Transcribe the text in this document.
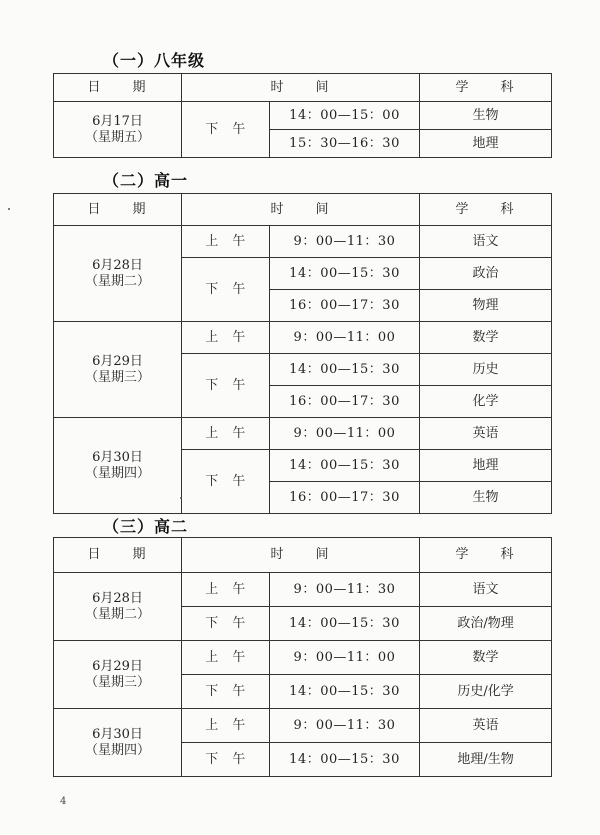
（一）八年级
日　　期	时　　间		学　　科

6月17日
（星期五）	下　午	14：00—15：00	生物
		15：30—16：30	地理
（二）高一
日　　期	时　　间		学　　科

6月28日
（星期二）	上　午	9：00—11：30	语文
	下　午	14：00—15：30	政治
		16：00—17：30	物理

6月29日
（星期三）	上　午	9：00—11：00	数学
	下　午	14：00—15：30	历史
		16：00—17：30	化学

6月30日
（星期四）	上　午	9：00—11：00	英语
	下　午	14：00—15：30	地理
		16：00—17：30	生物
（三）高二
日　　期	时　　间		学　　科

6月28日
（星期二）	上　午	9：00—11：30	语文
	下　午	14：00—15：30	政治/物理

6月29日
（星期三）	上　午	9：00—11：00	数学
	下　午	14：00—15：30	历史/化学

6月30日
（星期四）	上　午	9：00—11：30	英语
	下　午	14：00—15：30	地理/生物
4
